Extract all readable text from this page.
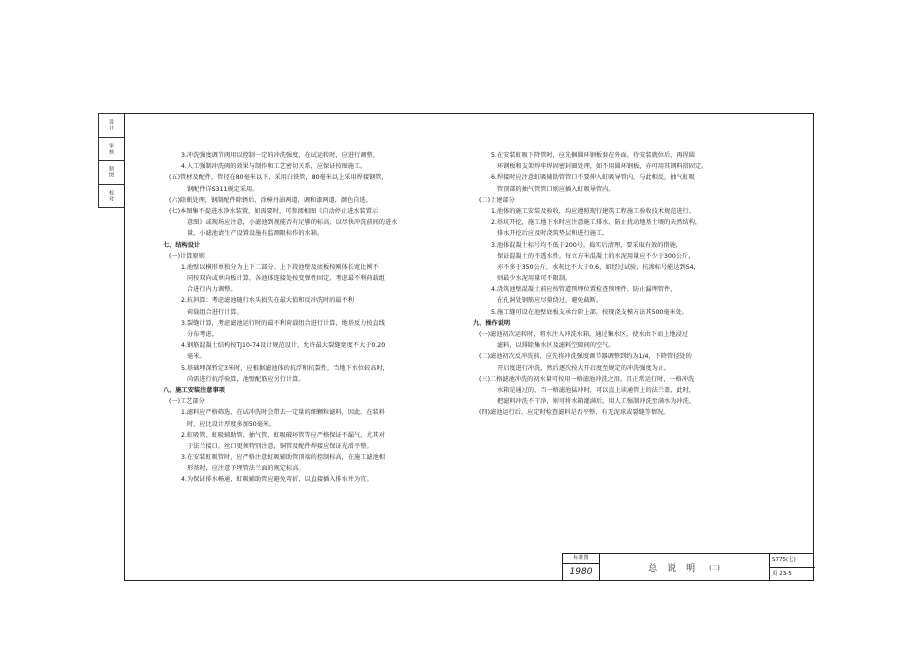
设计
审核
制图
校对
3.冲洗强度调节阀用以控制一定的冲洗强度，在试运转时，应进行调整。
4.人工强制冲洗阀的效果与制作和工艺密切关系，应保证按图施工。
(五)管材及配件，管径在80毫米以下，采用白铁管，80毫米以上采用焊接钢管，
钢配件详S311规定采用。
(六)除瓶处理，钢制配件除锈后，涂樟丹油两道，调和漆两道，颜色自选。
(七)本图集不提进水净水装置，如需要时，可参阅相图《自动停止进水装置示
意图》或现场应注意，小滤池到视能否有足够的标高，以尽快冲洗前间的进水
量，小滤池请生产设置设施有监测限标作的水箱。
七、结构设计
(一)计算原则
1.池壁以横形单独分为上下二部分。上下段池壁及底板按刚体长宽比例不
同按双向或单向板计算，各池体连接处按变弹性固定，考虑最不利荷载组
合进行内力调整。
2.抗斜算：考虑滤池随行水头损失在最大值和反冲洗时的最不利
荷载组合进行计算。
3.裂缝计算，考虑滤池运行时的最不利荷载组合进行计算，地基反力按直线
分布考虑。
4.钢筋混凝土结构按TJ10-74设计规范设计，允许最大裂缝宽度不大于0.20
毫米。
5.基础埋深暂定3米时，应根据滤池体的抗浮和抗裂性，当地下水位较高时，
尚需进行抗浮验算，池壁配筋应另行计算。
八、施工安装注意事项
(一)工艺部分
1.滤料应严格筛选，在试冲洗时会带去一定量的细颗粒滤料，因此，在装料
时，应比设计厚度多加50毫米。
2.虹吸管、虹吸辅助管、抽气管、虹吸破坏管等应严格保证不漏气，尤其对
于法兰接口，丝口更须特别注意，铜管及配件焊接应保证光滑平整。
3.在安装虹吸管时，应严格注意虹吸辅助管顶端的控制标高，在施工滤池相
形基时，应注意予埋管法兰面的规定标高。
4.为保证排水畅通，虹吸辅助管应避免弯折，以直接插入排水井为宜。
5.在安装虹吸下降管时，应先捆圆环钢板套在外面，待安装就位后，再捏圆
环钢板和支架焊牢焊固密封圈处理，如不用圆环钢板，亦可用其钢料搭固定。
6.焊接时应注意虹吸辅助管管口不要伸入虹吸导管内，与此相反，抽气虹吸
管顶部的抽气管管口则应插入虹吸导管内。
(二)土建部分
1.池体的施工安装及验收，均应遵照现行建筑工程施工验收技术规范进行。
2.基坑开挖，施工地下水时应注意施工排水，防止扰动地基土壤的天然结构，
排水开挖后应及时浇筑垫层和进行施工。
3.池体混凝土标号均不低于200号，捣实后清理，要采取有效的措施，
保证混凝土的不透水性。每立方米混凝土的水泥用量应不少于300公斤，
亦不多于350公斤，水灰比不大于0.6，如经过试验，抗渗标号能达到S4，
则最少水泥用量可不限制。
4.浇筑池壁混凝土前应按管道预埋位置检查预埋件，防止漏埋管件，
在孔洞处钢筋应尽量绕过，避免截断。
5.施工缝可设在池壁底板支承台阶上部，按现浇支模方法其500毫米处。
九、操作说明
(一)滤池初次运转时，将水注入冲洗水箱，通过集水区，使水由下而上地浸过
滤料，以排除集水区及滤料空隙间的空气。
(二)滤池初次反冲洗前，应先将冲洗强度调节器调整到约为1/4，下降管径处的
开启度进行冲洗，然后逐次按大开启度至规定的冲洗强度为止。
(三)二格滤池冲洗的初水量可按用一格滤池冲洗之用，且正常运行时，一格冲洗
水箱是通过的，当一格滤池猛冲时，可以直上读通管上的法兰盖，此时，
把滤料冲洗不干净，则可将水箱灌满后，用人工强制冲洗至满水为冲洗。
(四)滤池运行后，应定时检查滤料是否平整，有无泥球或裂缝等情况。
标准图
1980	总说明 (二)
S775(七)
页 23-5
